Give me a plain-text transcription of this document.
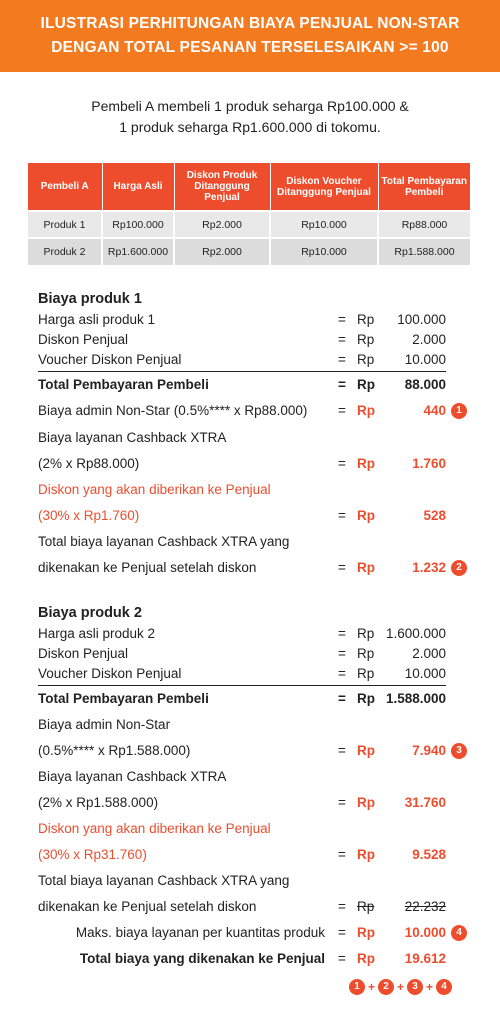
ILUSTRASI PERHITUNGAN BIAYA PENJUAL NON-STAR
DENGAN TOTAL PESANAN TERSELESAIKAN >= 100
Pembeli A membeli 1 produk seharga Rp100.000 &
1 produk seharga Rp1.600.000 di tokomu.
Pembeli A	Harga Asli	Diskon Produk Ditanggung Penjual	Diskon Voucher Ditanggung Penjual	Total Pembayaran Pembeli
Produk 1	Rp100.000	Rp2.000	Rp10.000	Rp88.000
Produk 2	Rp1.600.000	Rp2.000	Rp10.000	Rp1.588.000
Biaya produk 1
Harga asli produk 1	= Rp 100.000
Diskon Penjual	= Rp	2.000
Voucher Diskon Penjual	= Rp 10.000
Total Pembayaran Pembeli	= Rp 88.000
Biaya admin Non-Star (0.5%**** x Rp88.000) = Rp	440	1
Biaya layanan Cashback XTRA
(2% x Rp88.000)	= Rp	1.760
Diskon yang akan diberikan ke Penjual
(30% x Rp1.760)	= Rp	528
Total biaya layanan Cashback XTRA yang
dikenakan ke Penjual setelah diskon	= Rp	1.232	2
Biaya produk 2
Harga asli produk 2	= Rp 1.600.000
Diskon Penjual	= Rp	2.000
Voucher Diskon Penjual	= Rp 10.000
Total Pembayaran Pembeli	= Rp 1.588.000
Biaya admin Non-Star
(0.5%**** x Rp1.588.000)	= Rp	7.940	3
Biaya layanan Cashback XTRA
(2% x Rp1.588.000)	= Rp 31.760
Diskon yang akan diberikan ke Penjual
(30% x Rp31.760)	= Rp	9.528
Total biaya layanan Cashback XTRA yang
dikenakan ke Penjual setelah diskon	= Rp 22.232
Maks. biaya layanan per kuantitas produk = Rp 10.000	4
Total biaya yang dikenakan ke Penjual = Rp 19.612
1 + 2 + 3 + 4
